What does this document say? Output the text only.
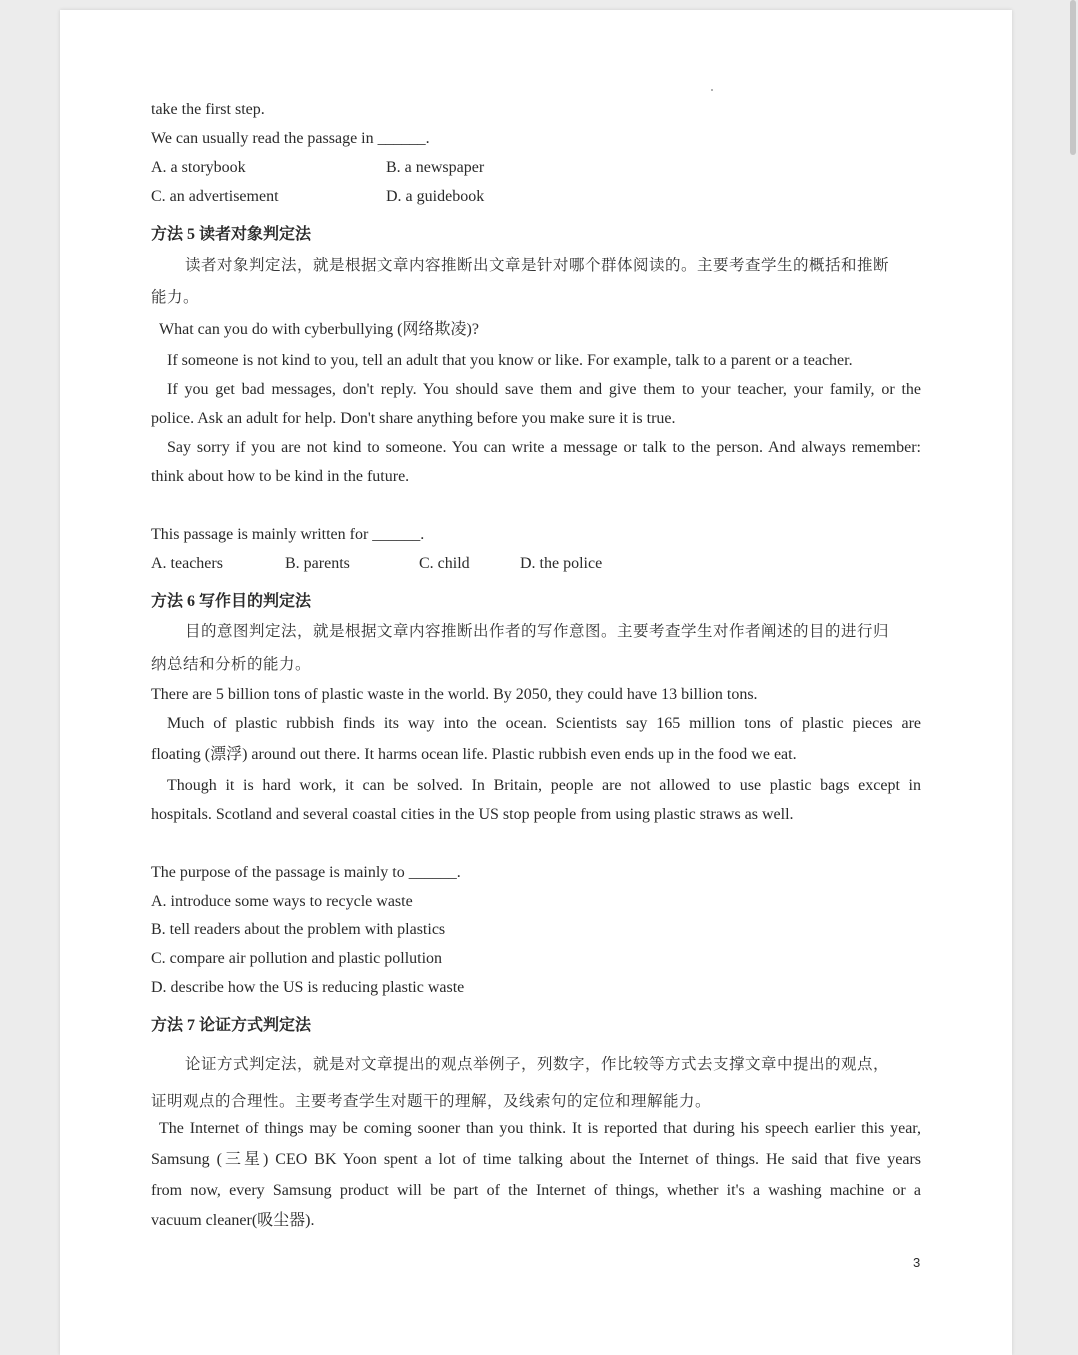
take the first step.
We can usually read the passage in ______.
A. a storybook	B. a newspaper
C. an advertisement	D. a guidebook
方法 5 读者对象判定法
读者对象判定法，就是根据文章内容推断出文章是针对哪个群体阅读的。主要考查学生的概括和推断
能力。
What can you do with cyberbullying (网络欺凌)?
If someone is not kind to you, tell an adult that you know or like. For example, talk to a parent or a teacher.
If you get bad messages, don't reply. You should save them and give them to your teacher, your family, or the
police. Ask an adult for help. Don't share anything before you make sure it is true.
Say sorry if you are not kind to someone. You can write a message or talk to the person. And always remember:
think about how to be kind in the future.
This passage is mainly written for ______.
A. teachers	B. parents	C. child	D. the police
方法 6 写作目的判定法
目的意图判定法，就是根据文章内容推断出作者的写作意图。主要考查学生对作者阐述的目的进行归
纳总结和分析的能力。
There are 5 billion tons of plastic waste in the world. By 2050, they could have 13 billion tons.
Much of plastic rubbish finds its way into the ocean. Scientists say 165 million tons of plastic pieces are
floating (漂浮) around out there. It harms ocean life. Plastic rubbish even ends up in the food we eat.
Though it is hard work, it can be solved. In Britain, people are not allowed to use plastic bags except in
hospitals. Scotland and several coastal cities in the US stop people from using plastic straws as well.
The purpose of the passage is mainly to ______.
A. introduce some ways to recycle waste
B. tell readers about the problem with plastics
C. compare air pollution and plastic pollution
D. describe how the US is reducing plastic waste
方法 7 论证方式判定法
论证方式判定法，就是对文章提出的观点举例子，列数字，作比较等方式去支撑文章中提出的观点，
证明观点的合理性。主要考查学生对题干的理解，及线索句的定位和理解能力。
The Internet of things may be coming sooner than you think. It is reported that during his speech earlier this year,
Samsung (三星) CEO BK Yoon spent a lot of time talking about the Internet of things. He said that five years
from now, every Samsung product will be part of the Internet of things, whether it's a washing machine or a
vacuum cleaner(吸尘器).
3
